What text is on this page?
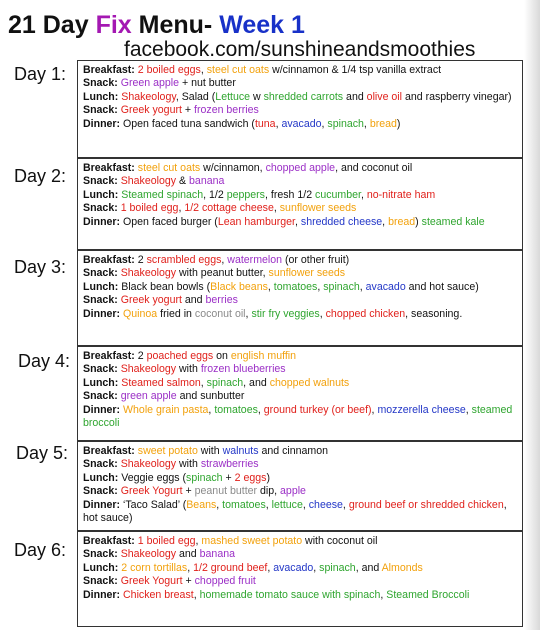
21 Day Fix Menu- Week 1
facebook.com/sunshineandsmoothies
Day 1: Breakfast: 2 boiled eggs, steel cut oats w/cinnamon & 1/4 tsp vanilla extract

Snack: Green apple + nut butter

Lunch: Shakeology, Salad (Lettuce w shredded carrots and olive oil and raspberry vinegar)

Snack: Greek yogurt + frozen berries

Dinner: Open faced tuna sandwich (tuna, avacado, spinach, bread)

Day 2: Breakfast: steel cut oats w/cinnamon, chopped apple, and coconut oil

Snack: Shakeology & banana

Lunch: Steamed spinach, 1/2 peppers, fresh 1/2 cucumber, no-nitrate ham

Snack: 1 boiled egg, 1/2 cottage cheese, sunflower seeds

Dinner: Open faced burger (Lean hamburger, shredded cheese, bread) steamed kale

Day 3: Breakfast: 2 scrambled eggs, watermelon (or other fruit)

Snack: Shakeology with peanut butter, sunflower seeds

Lunch: Black bean bowls (Black beans, tomatoes, spinach, avacado and hot sauce)

Snack: Greek yogurt and berries

Dinner: Quinoa fried in coconut oil, stir fry veggies, chopped chicken, seasoning.

Day 4: Breakfast: 2 poached eggs on english muffin

Snack: Shakeology with frozen blueberries

Lunch: Steamed salmon, spinach, and chopped walnuts

Snack: green apple and sunbutter

Dinner: Whole grain pasta, tomatoes, ground turkey (or beef), mozzerella cheese, steamed broccoli

Day 5: Breakfast: sweet potato with walnuts and cinnamon

Snack: Shakeology with strawberries

Lunch: Veggie eggs (spinach + 2 eggs)

Snack: Greek Yogurt + peanut butter dip, apple

Dinner: ‘Taco Salad’ (Beans, tomatoes, lettuce, cheese, ground beef or shredded chicken, hot sauce)

Day 6: Breakfast: 1 boiled egg, mashed sweet potato with coconut oil

Snack: Shakeology and banana

Lunch: 2 corn tortillas, 1/2 ground beef, avacado, spinach, and Almonds

Snack: Greek Yogurt + chopped fruit

Dinner: Chicken breast, homemade tomato sauce with spinach, Steamed Broccoli
